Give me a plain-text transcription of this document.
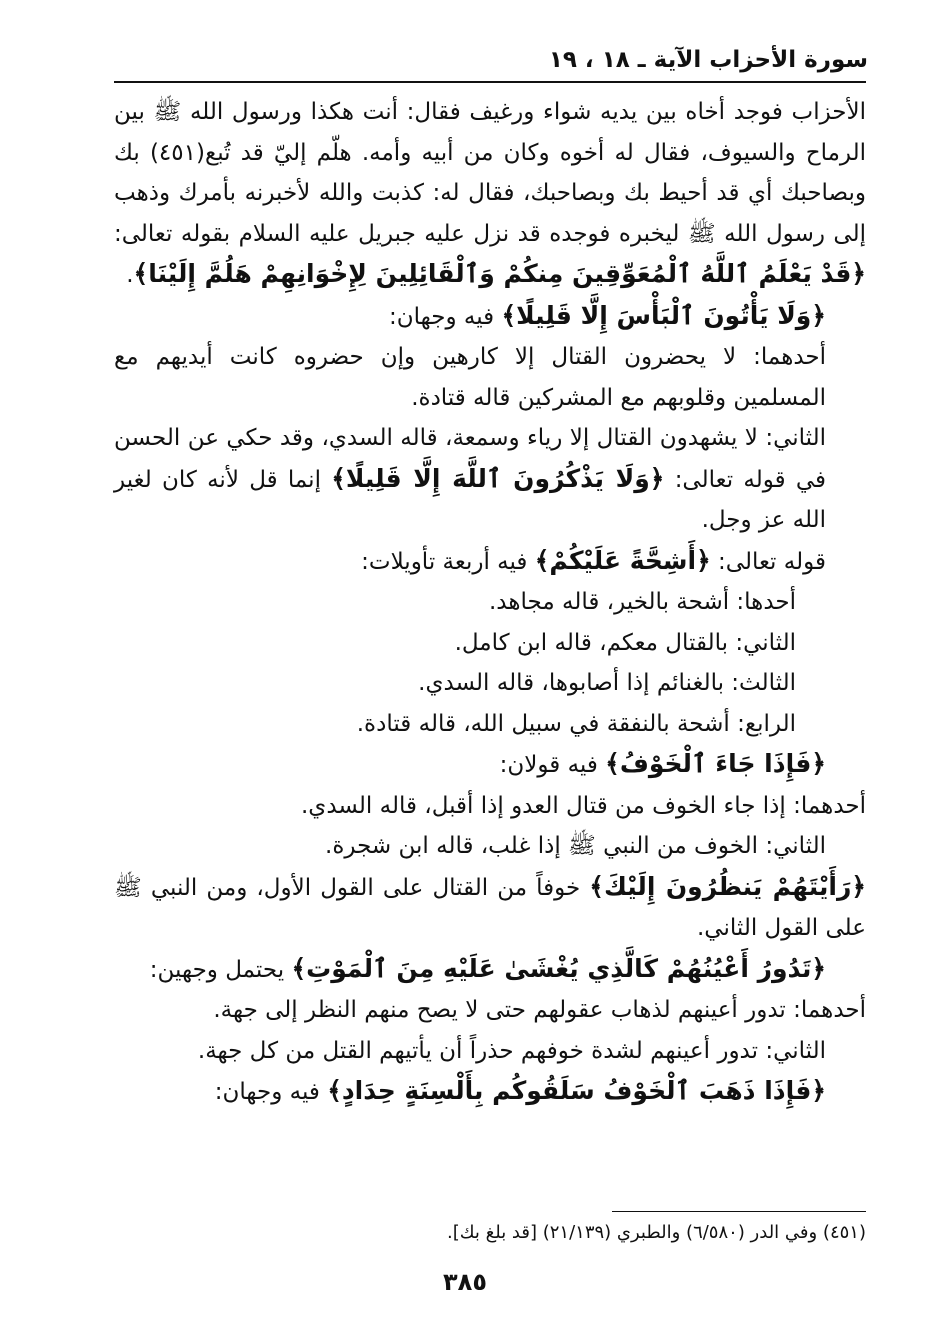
سورة الأحزاب الآية ـ ١٨ ، ١٩

الأحزاب فوجد أخاه بين يديه شواء ورغيف فقال: أنت هكذا ورسول الله ﷺ بين الرماح والسيوف، فقال له أخوه وكان من أبيه وأمه. هلّم إليّ قد تُبع(٤٥١) بك وبصاحبك أي قد أحيط بك وبصاحبك، فقال له: كذبت والله لأخبرنه بأمرك وذهب إلى رسول الله ﷺ ليخبره فوجده قد نزل عليه جبريل عليه السلام بقوله تعالى: ﴿قَدْ يَعْلَمُ ٱللَّهُ ٱلْمُعَوِّقِينَ مِنكُمْ وَٱلْقَائِلِينَ لِإِخْوَانِهِمْ هَلُمَّ إِلَيْنَا﴾.

﴿وَلَا يَأْتُونَ ٱلْبَأْسَ إِلَّا قَلِيلًا﴾ فيه وجهان:

أحدهما: لا يحضرون القتال إلا كارهين وإن حضروه كانت أيديهم مع المسلمين وقلوبهم مع المشركين قاله قتادة.

الثاني: لا يشهدون القتال إلا رياء وسمعة، قاله السدي، وقد حكي عن الحسن في قوله تعالى: ﴿وَلَا يَذْكُرُونَ ٱللَّهَ إِلَّا قَلِيلًا﴾ إنما قل لأنه كان لغير الله عز وجل.

قوله تعالى: ﴿أَشِحَّةً عَلَيْكُمْ﴾ فيه أربعة تأويلات:

أحدها: أشحة بالخير، قاله مجاهد.

الثاني: بالقتال معكم، قاله ابن كامل.

الثالث: بالغنائم إذا أصابوها، قاله السدي.

الرابع: أشحة بالنفقة في سبيل الله، قاله قتادة.

﴿فَإِذَا جَاءَ ٱلْخَوْفُ﴾ فيه قولان:

أحدهما: إذا جاء الخوف من قتال العدو إذا أقبل، قاله السدي.

الثاني: الخوف من النبي ﷺ إذا غلب، قاله ابن شجرة.

﴿رَأَيْتَهُمْ يَنظُرُونَ إِلَيْكَ﴾ خوفاً من القتال على القول الأول، ومن النبي ﷺ على القول الثاني.

﴿تَدُورُ أَعْيُنُهُمْ كَالَّذِي يُغْشَىٰ عَلَيْهِ مِنَ ٱلْمَوْتِ﴾ يحتمل وجهين:

أحدهما: تدور أعينهم لذهاب عقولهم حتى لا يصح منهم النظر إلى جهة.

الثاني: تدور أعينهم لشدة خوفهم حذراً أن يأتيهم القتل من كل جهة.

﴿فَإِذَا ذَهَبَ ٱلْخَوْفُ سَلَقُوكُم بِأَلْسِنَةٍ حِدَادٍ﴾ فيه وجهان:

(٤٥١) وفي الدر (٦/٥٨٠) والطبري (٢١/١٣٩) [قد بلغ بك].
٣٨٥
